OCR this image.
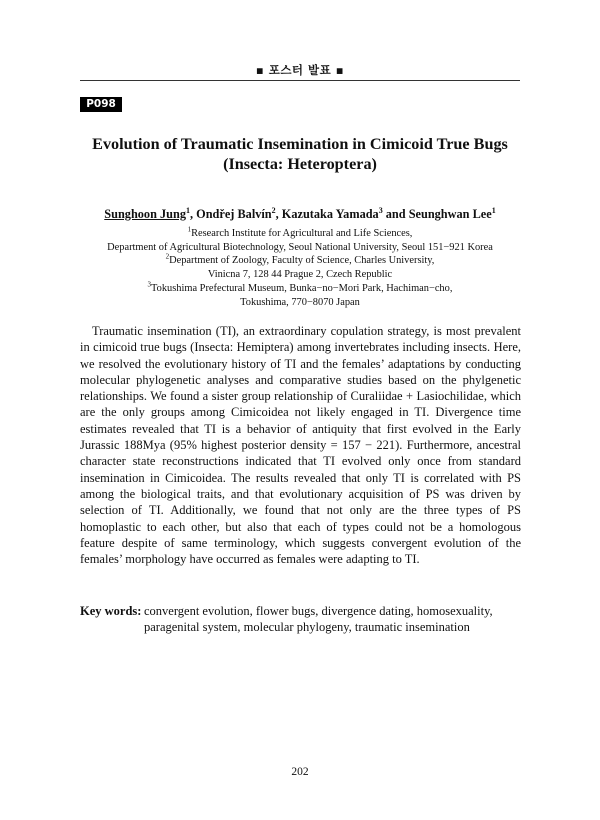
▪ 포스터 발표 ▪
P098
Evolution of Traumatic Insemination in Cimicoid True Bugs
(Insecta: Heteroptera)
Sunghoon Jung$^1$, Ondřej Balvín$^2$, Kazutaka Yamada$^3$ and Seunghwan Lee$^1$
$^1$Research Institute for Agricultural and Life Sciences,
Department of Agricultural Biotechnology, Seoul National University, Seoul 151−921 Korea
$^2$Department of Zoology, Faculty of Science, Charles University,
Vinicna 7, 128 44 Prague 2, Czech Republic
$^3$Tokushima Prefectural Museum, Bunka−no−Mori Park, Hachiman−cho,
Tokushima, 770−8070 Japan

Traumatic insemination (TI), an extraordinary copulation strategy, is most prevalent in cimicoid true bugs (Insecta: Hemiptera) among invertebrates including insects. Here, we resolved the evolutionary history of TI and the females’ adaptations by conducting molecular phylogenetic analyses and comparative studies based on the phylgenetic relationships. We found a sister group relationship of Curaliidae + Lasiochilidae, which are the only groups among Cimicoidea not likely engaged in TI. Divergence time estimates revealed that TI is a behavior of antiquity that first evolved in the Early Jurassic 188Mya (95% highest posterior density = 157 − 221). Furthermore, ancestral character state reconstructions indicated that TI evolved only once from standard insemination in Cimicoidea. The results revealed that only TI is correlated with PS among the biological traits, and that evolutionary acquisition of PS was driven by selection of TI. Additionally, we found that not only are the three types of PS homoplastic to each other, but also that each of types could not be a homologous feature despite of same terminology, which suggests convergent evolution of the females’ morphology have occurred as females were adapting to TI.

Key words: convergent evolution, flower bugs, divergence dating, homosexuality, paragenital system, molecular phylogeny, traumatic insemination
202
